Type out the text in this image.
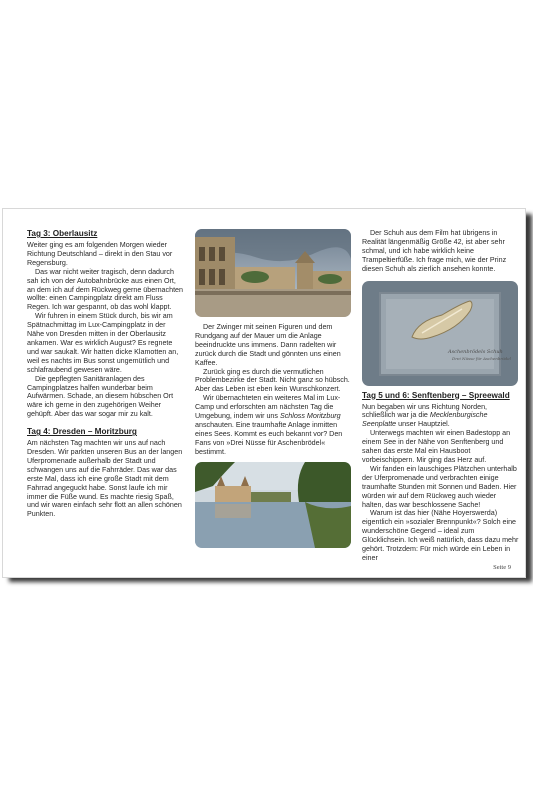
Tag 3: Oberlausitz

Weiter ging es am folgenden Morgen wieder Richtung Deutschland – direkt in den Stau vor Regensburg.

Das war nicht weiter tragisch, denn dadurch sah ich von der Autobahnbrücke aus einen Ort, an dem ich auf dem Rückweg gerne übernachten wollte: einen Campingplatz direkt am Fluss Regen. Ich war gespannt, ob das wohl klappt.

Wir fuhren in einem Stück durch, bis wir am Spätnachmittag im Lux-Campingplatz in der Nähe von Dresden mitten in der Oberlausitz ankamen. War es wirklich August? Es regnete und war saukalt. Wir hatten dicke Klamotten an, weil es nachts im Bus sonst ungemütlich und schlafraubend gewesen wäre.

Die gepflegten Sanitäranlagen des Campingplatzes halfen wunderbar beim Aufwärmen. Schade, an diesem hübschen Ort wäre ich gerne in den zugehörigen Weiher gehüpft. Aber das war sogar mir zu kalt.

Tag 4: Dresden – Moritzburg

Am nächsten Tag machten wir uns auf nach Dresden. Wir parkten unseren Bus an der langen Uferpromenade außerhalb der Stadt und schwangen uns auf die Fahrräder. Das war das erste Mal, dass ich eine große Stadt mit dem Fahrrad angeguckt habe. Sonst laufe ich mir immer die Füße wund. Es machte riesig Spaß, und wir waren einfach sehr flott an allen schönen Punkten.

Der Zwinger mit seinen Figuren und dem Rundgang auf der Mauer um die Anlage beeindruckte uns immens. Dann radelten wir zurück durch die Stadt und gönnten uns einen Kaffee.

Zurück ging es durch die vermutlichen Problembezirke der Stadt. Nicht ganz so hübsch. Aber das Leben ist eben kein Wunschkonzert.

Wir übernachteten ein weiteres Mal im Lux-Camp und erforschten am nächsten Tag die Umgebung, indem wir uns Schloss Moritzburg anschauten. Eine traumhafte Anlage inmitten eines Sees. Kommt es euch bekannt vor? Den Fans von »Drei Nüsse für Aschenbrödel« bestimmt.

Der Schuh aus dem Film hat übrigens in Realität längenmäßig Größe 42, ist aber sehr schmal, und ich habe wirklich keine Trampeltierfüße. Ich frage mich, wie der Prinz diesen Schuh als zierlich ansehen konnte.

Aschenbrödels Schuh
Drei Nüsse für Aschenbrödel
Tag 5 und 6: Senftenberg – Spreewald

Nun begaben wir uns Richtung Norden, schließlich war ja die Mecklenburgische Seenplatte unser Hauptziel.

Unterwegs machten wir einen Badestopp an einem See in der Nähe von Senftenberg und sahen das erste Mal ein Hausboot vorbeischippern. Mir ging das Herz auf.

Wir fanden ein lauschiges Plätzchen unterhalb der Uferpromenade und verbrachten einige traumhafte Stunden mit Sonnen und Baden. Hier würden wir auf dem Rückweg auch wieder halten, das war beschlossene Sache!

Warum ist das hier (Nähe Hoyerswerda) eigentlich ein »sozialer Brennpunkt«? Solch eine wunderschöne Gegend – ideal zum Glücklichsein. Ich weiß natürlich, dass dazu mehr gehört. Trotzdem: Für mich würde ein Leben in einer

Seite 9
